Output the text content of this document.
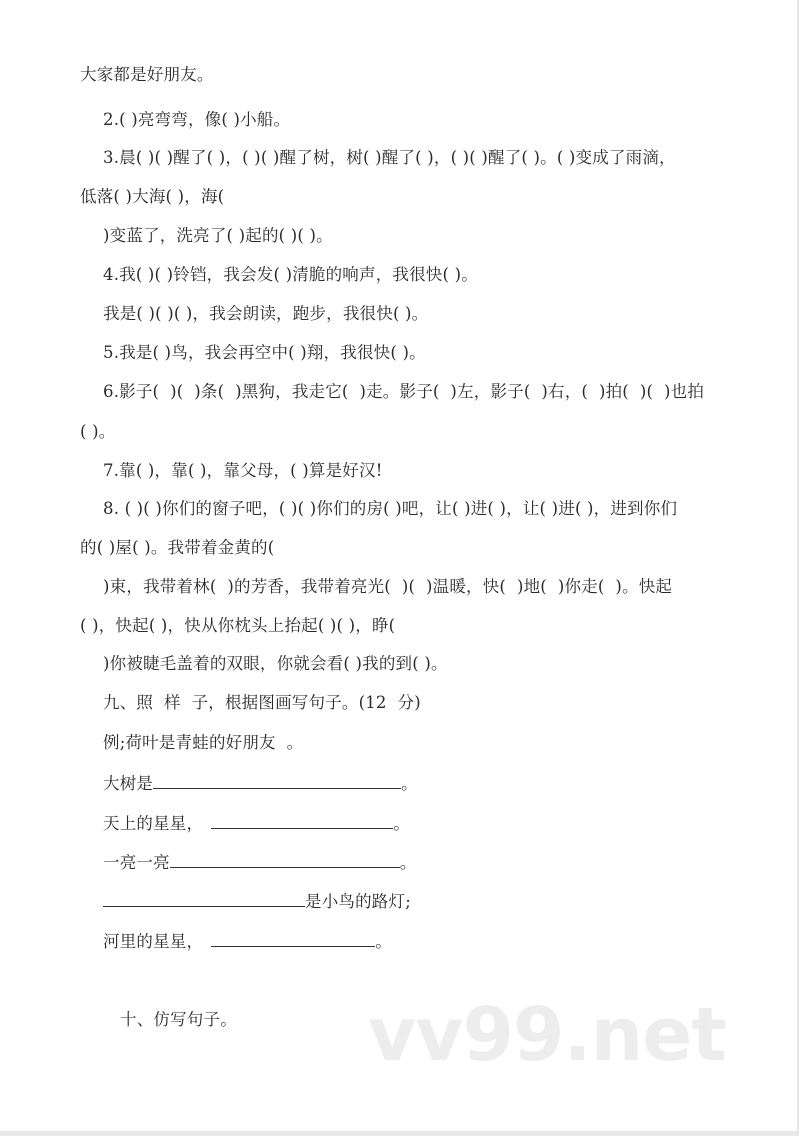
大家都是好朋友。
2.( )亮弯弯，像( )小船。
3.晨( )( )醒了( )，( )( )醒了树，树( )醒了( )，( )( )醒了( )。( )变成了雨滴，
低落( )大海( )，海(
)变蓝了，洗亮了( )起的( )( )。
4.我( )( )铃铛，我会发( )清脆的响声，我很快( )。
我是( )( )( )，我会朗读，跑步，我很快( )。
5.我是( )鸟，我会再空中( )翔，我很快( )。
6.影子(  )(  )条(  )黑狗，我走它(  )走。影子(  )左，影子(  )右，(  )拍(  )(  )也拍
( )。
7.靠( )，靠( )，靠父母，( )算是好汉!
8. ( )( )你们的窗子吧，( )( )你们的房( )吧，让( )进( )，让( )进( )，进到你们
的( )屋( )。我带着金黄的(
)束，我带着林(  )的芳香，我带着亮光(  )(  )温暖，快(  )地(  )你走(  )。快起
( )，快起( )，快从你枕头上抬起( )( )，睁(
)你被睫毛盖着的双眼，你就会看( )我的到( )。
九、照  样  子，根据图画写句子。(12  分)
例;荷叶是青蛙的好朋友  。
大树是	。
天上的星星，	。
一亮一亮	。
是小鸟的路灯;
河里的星星，	。
十、仿写句子。 vv99.net
